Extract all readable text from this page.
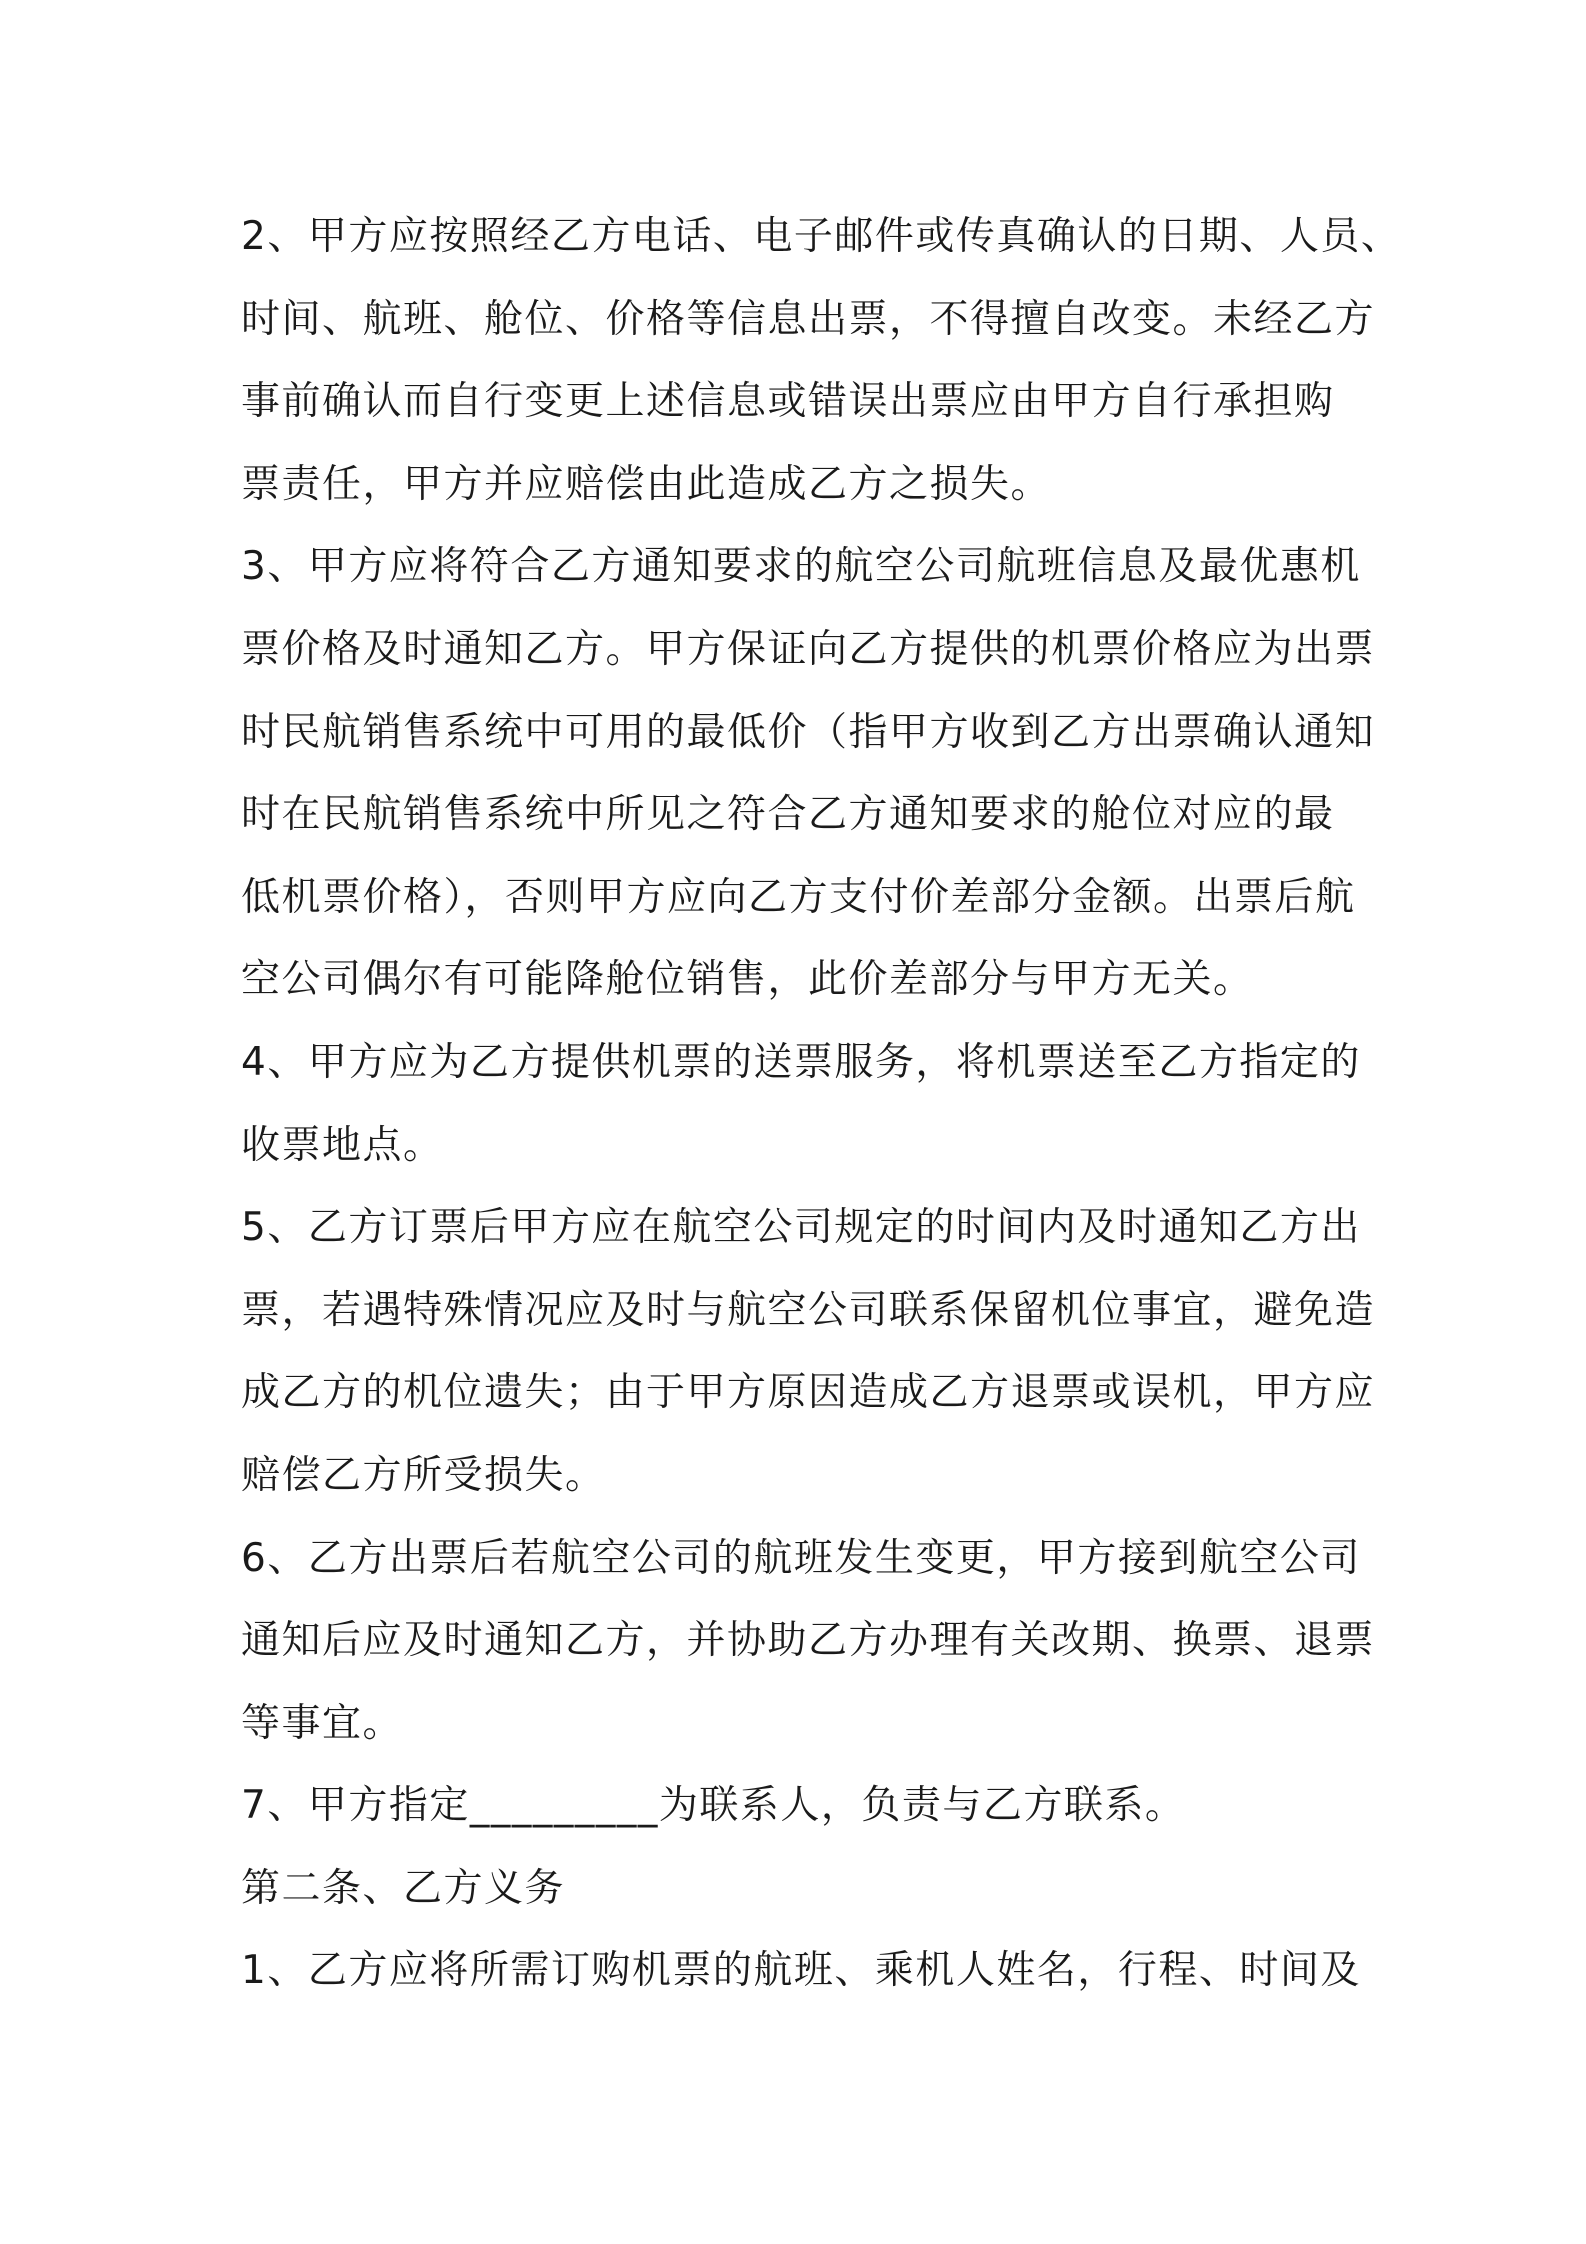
2、甲方应按照经乙方电话、电子邮件或传真确认的日期、人员、
时间、航班、舱位、价格等信息出票，不得擅自改变。未经乙方
事前确认而自行变更上述信息或错误出票应由甲方自行承担购
票责任，甲方并应赔偿由此造成乙方之损失。
3、甲方应将符合乙方通知要求的航空公司航班信息及最优惠机
票价格及时通知乙方。甲方保证向乙方提供的机票价格应为出票
时民航销售系统中可用的最低价（指甲方收到乙方出票确认通知
时在民航销售系统中所见之符合乙方通知要求的舱位对应的最
低机票价格），否则甲方应向乙方支付价差部分金额。出票后航
空公司偶尔有可能降舱位销售，此价差部分与甲方无关。
4、甲方应为乙方提供机票的送票服务，将机票送至乙方指定的
收票地点。
5、乙方订票后甲方应在航空公司规定的时间内及时通知乙方出
票，若遇特殊情况应及时与航空公司联系保留机位事宜，避免造
成乙方的机位遗失；由于甲方原因造成乙方退票或误机，甲方应
赔偿乙方所受损失。
6、乙方出票后若航空公司的航班发生变更，甲方接到航空公司
通知后应及时通知乙方，并协助乙方办理有关改期、换票、退票
等事宜。
7、甲方指定_________为联系人，负责与乙方联系。
第二条、乙方义务
1、乙方应将所需订购机票的航班、乘机人姓名，行程、时间及
